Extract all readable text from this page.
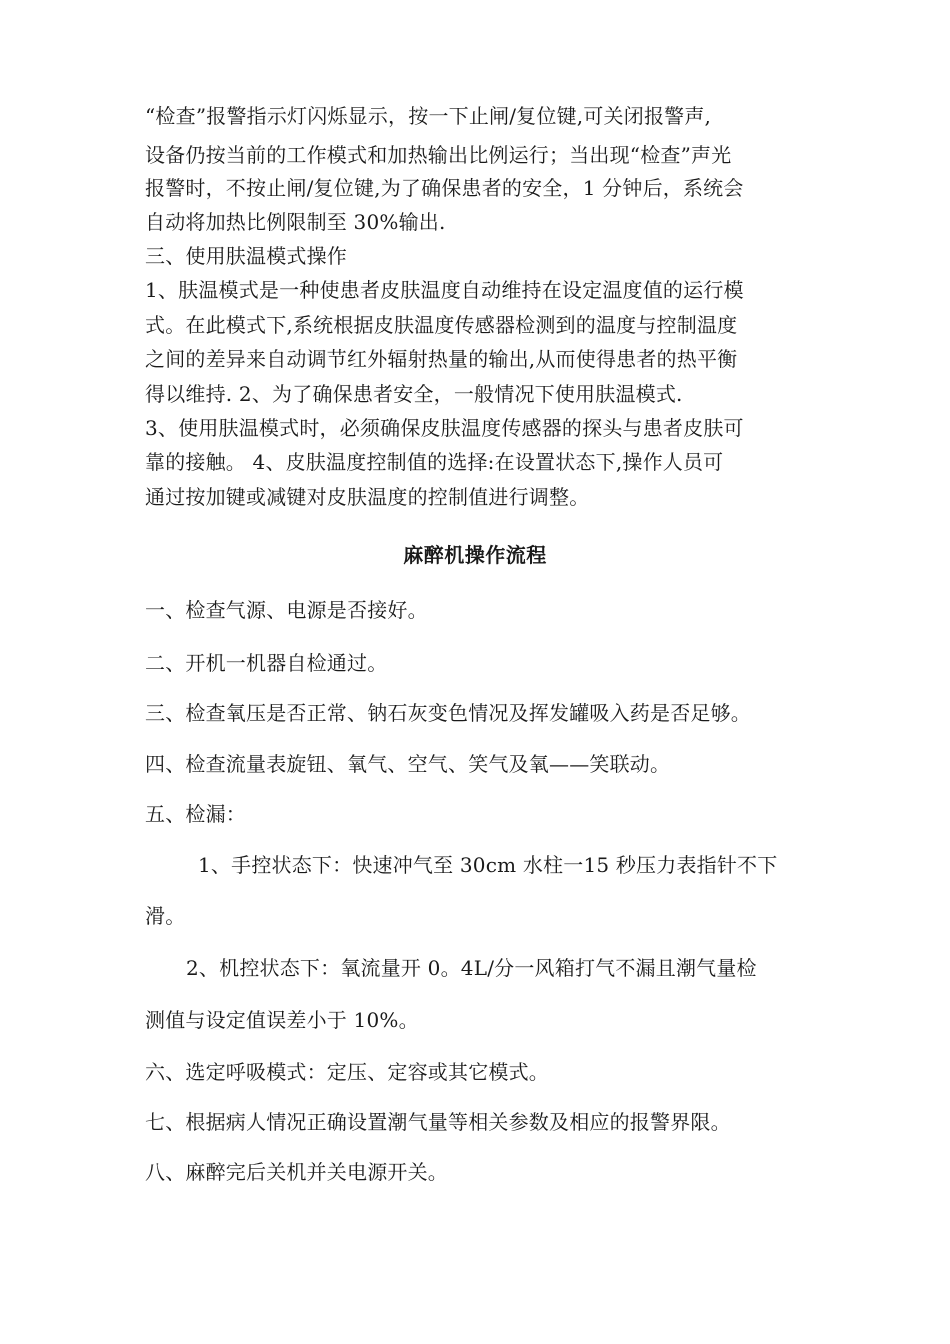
“检查”报警指示灯闪烁显示，按一下止闸/复位键,可关闭报警声,
设备仍按当前的工作模式和加热输出比例运行；当出现“检查”声光
报警时，不按止闸/复位键,为了确保患者的安全，1 分钟后，系统会
自动将加热比例限制至 30%输出.
三、使用肤温模式操作
1、肤温模式是一种使患者皮肤温度自动维持在设定温度值的运行模
式。在此模式下,系统根据皮肤温度传感器检测到的温度与控制温度
之间的差异来自动调节红外辐射热量的输出,从而使得患者的热平衡
得以维持. 2、为了确保患者安全，一般情况下使用肤温模式.
3、使用肤温模式时，必须确保皮肤温度传感器的探头与患者皮肤可
靠的接触。 4、皮肤温度控制值的选择:在设置状态下,操作人员可
通过按加键或减键对皮肤温度的控制值进行调整。
麻醉机操作流程
一、检查气源、电源是否接好。
二、开机​一​机器自检通过。
三、检查氧压是否正常、钠石灰变色情况及挥发罐吸入药是否足够。
四、检查流量表旋钮、氧气、空气、笑气及氧——笑联动。
五、检漏：
1、手控状态下：快速冲气至 30cm 水柱一15 秒压力表指针不下
滑。
2、机控状态下：氧流量开 0。4L/分一风箱打气不漏且潮气量检
测值与设定值误差小于 10%。
六、选定呼吸模式：定压、定容或其它模式。
七、根据病人情况正确设置潮气量等相关参数及相应的报警界限。
八、麻醉完后关机并关电源开关。
